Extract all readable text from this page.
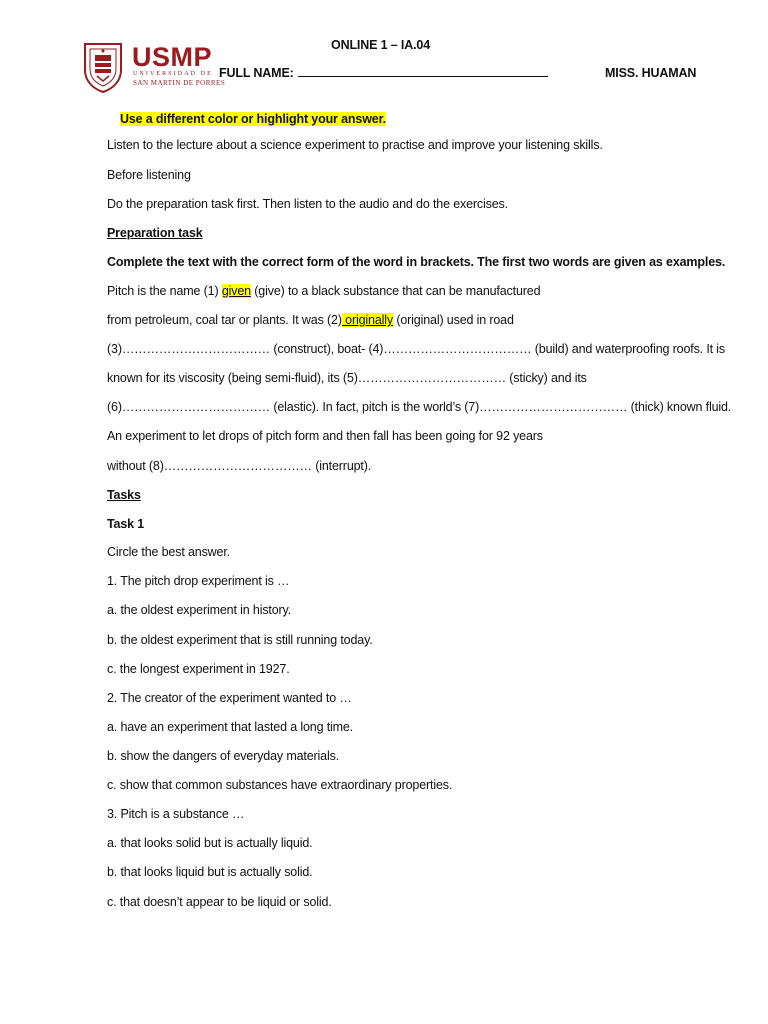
USMP
UNIVERSIDAD DE
SAN MARTIN DE PORRES
ONLINE 1 – IA.04
FULL NAME:	MISS. HUAMAN
Use a different color or highlight your answer.
Listen to the lecture about a science experiment to practise and improve your listening skills.
Before listening
Do the preparation task first. Then listen to the audio and do the exercises.
Preparation task
Complete the text with the correct form of the word in brackets. The first two words are given as examples.
Pitch is the name (1) given (give) to a black substance that can be manufactured
from petroleum, coal tar or plants. It was (2) originally (original) used in road
(3)……………………………… (construct), boat- (4)……………………………… (build) and waterproofing roofs. It is
known for its viscosity (being semi-fluid), its (5)……………………………… (sticky) and its
(6)……………………………… (elastic). In fact, pitch is the world’s (7)……………………………… (thick) known fluid.
An experiment to let drops of pitch form and then fall has been going for 92 years
without (8)……………………………… (interrupt).
Tasks
Task 1
Circle the best answer.
1. The pitch drop experiment is …
a. the oldest experiment in history.
b. the oldest experiment that is still running today.
c. the longest experiment in 1927.
2. The creator of the experiment wanted to …
a. have an experiment that lasted a long time.
b. show the dangers of everyday materials.
c. show that common substances have extraordinary properties.
3. Pitch is a substance …
a. that looks solid but is actually liquid.
b. that looks liquid but is actually solid.
c. that doesn’t appear to be liquid or solid.
